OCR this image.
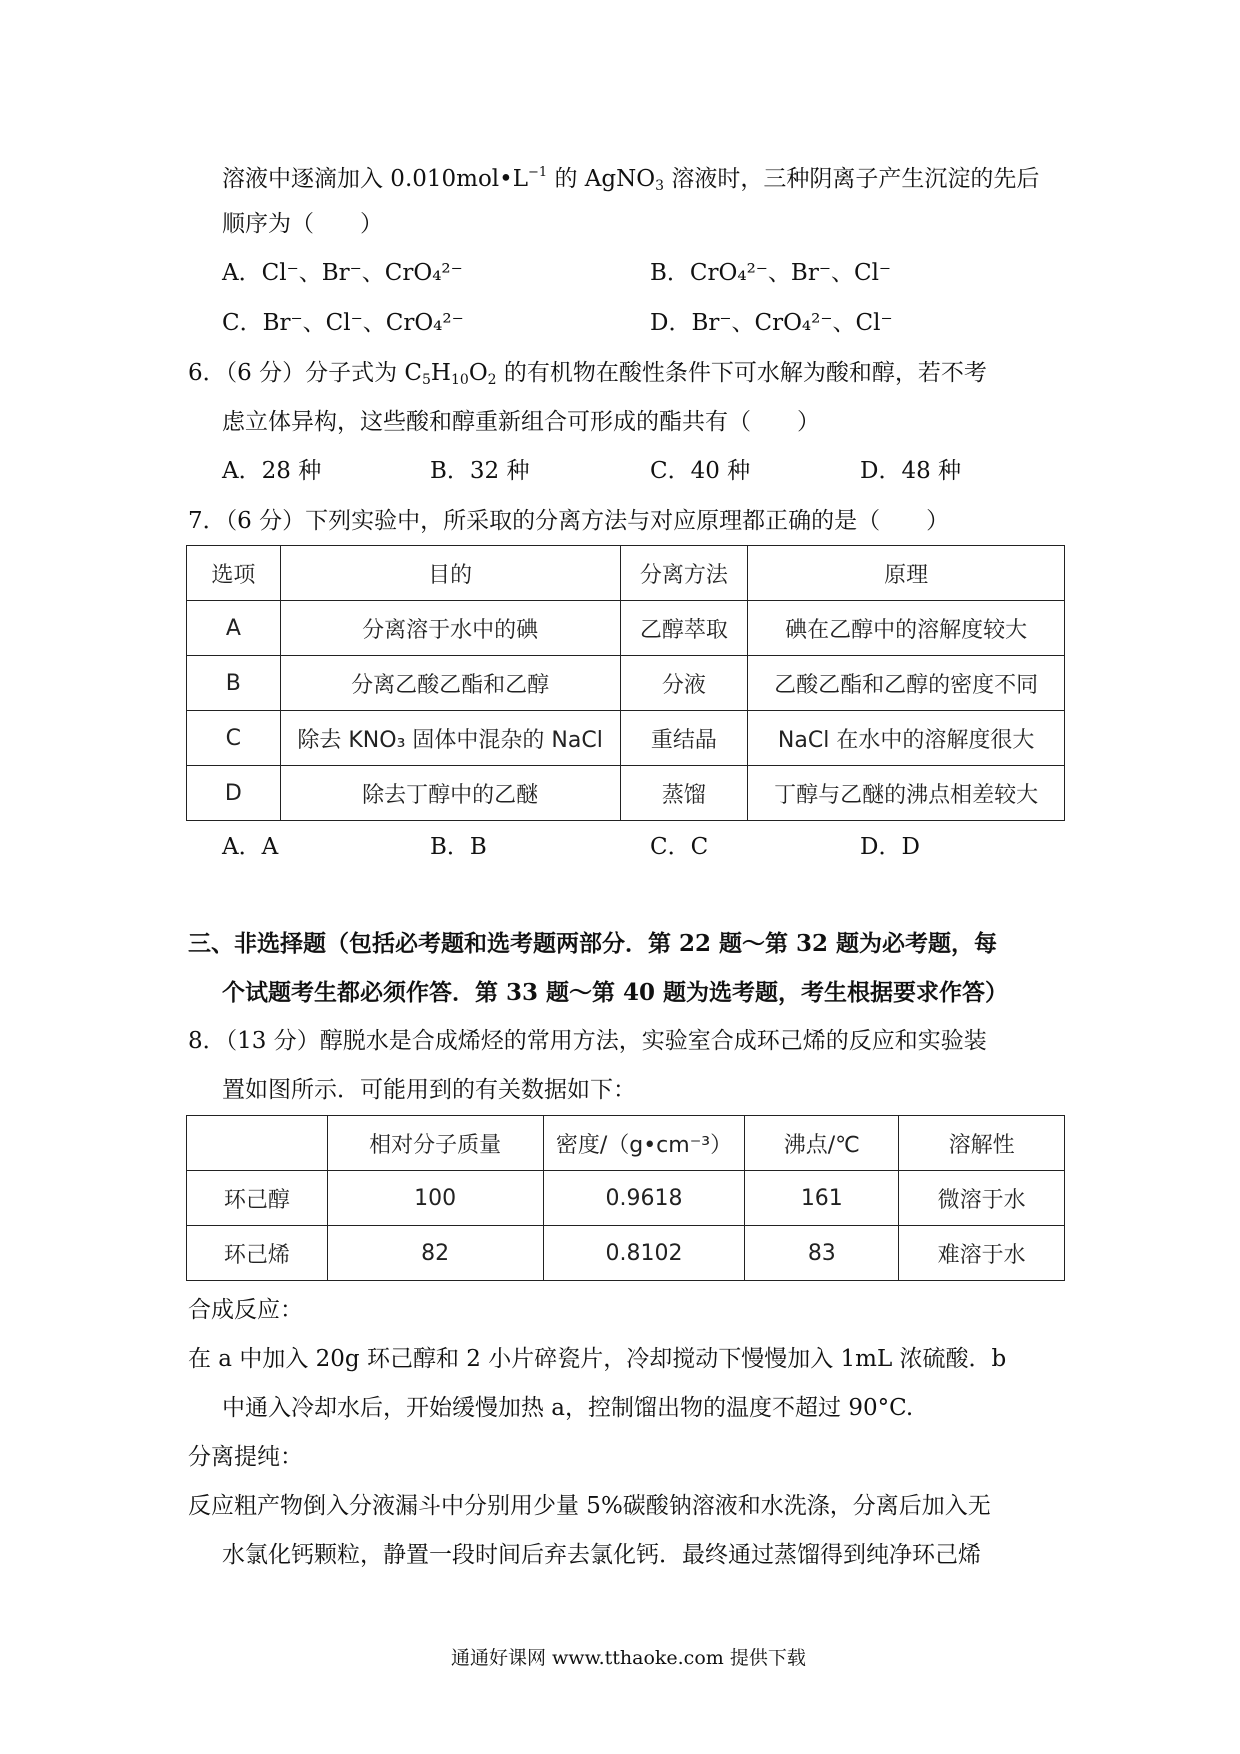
溶液中逐滴加入 $0.010mol•L^{-1}$ 的 AgNO$_3$ 溶液时，三种阴离子产生沉淀的先后
顺序为（　　）
A．Cl⁻、Br⁻、CrO₄²⁻	B．CrO₄²⁻、Br⁻、Cl⁻
C．Br⁻、Cl⁻、CrO₄²⁻	D．Br⁻、CrO₄²⁻、Cl⁻
6．（6 分）分子式为 $C_5H_{10}O_2$ 的有机物在酸性条件下可水解为酸和醇，若不考
虑立体异构，这些酸和醇重新组合可形成的酯共有（　　）
A．28 种	B．32 种	C．40 种	D．48 种
7．（6 分）下列实验中，所采取的分离方法与对应原理都正确的是（　　）
选项	目的	分离方法	原理
A	分离溶于水中的碘	乙醇萃取	碘在乙醇中的溶解度较大
B	分离乙酸乙酯和乙醇	分液	乙酸乙酯和乙醇的密度不同
C	除去 KNO₃ 固体中混杂的 NaCl	重结晶	NaCl 在水中的溶解度很大
D	除去丁醇中的乙醚	蒸馏	丁醇与乙醚的沸点相差较大
A．A	B．B	C．C	D．D
三、非选择题（包括必考题和选考题两部分．第 22 题～第 32 题为必考题，每
个试题考生都必须作答．第 33 题～第 40 题为选考题，考生根据要求作答）
8．（13 分）醇脱水是合成烯烃的常用方法，实验室合成环己烯的反应和实验装
置如图所示．可能用到的有关数据如下：
	相对分子质量	密度/（g•cm⁻³）	沸点/℃	溶解性
环己醇	100	0.9618	161	微溶于水
环己烯	82	0.8102	83	难溶于水
合成反应：
在 a 中加入 20g 环己醇和 2 小片碎瓷片，冷却搅动下慢慢加入 1mL 浓硫酸．b
中通入冷却水后，开始缓慢加热 a，控制馏出物的温度不超过 90°C.
分离提纯：
反应粗产物倒入分液漏斗中分别用少量 5%碳酸钠溶液和水洗涤，分离后加入无
水氯化钙颗粒，静置一段时间后弃去氯化钙．最终通过蒸馏得到纯净环己烯
通通好课网 www.tthaoke.com 提供下载
